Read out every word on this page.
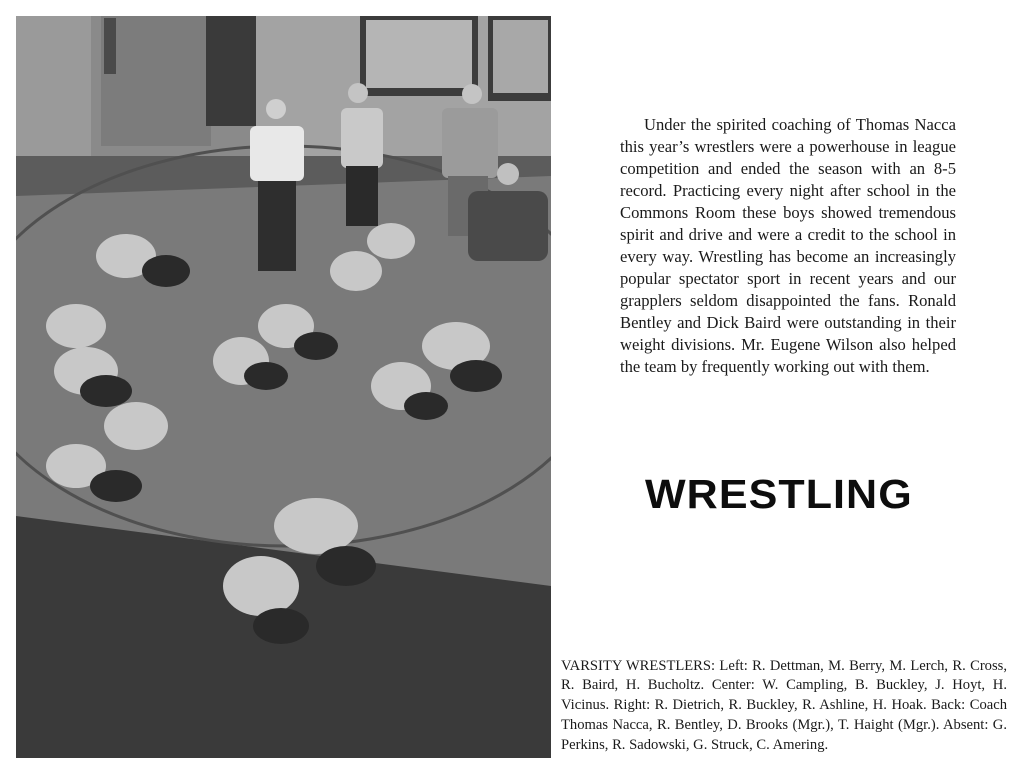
Under the spirited coaching of Thomas Nacca this year’s wrestlers were a powerhouse in league competition and ended the season with an 8-5 record. Practicing every night after school in the Commons Room these boys showed tremendous spirit and drive and were a credit to the school in every way. Wrestling has become an increasingly popular spectator sport in recent years and our grapplers seldom disappointed the fans. Ronald Bentley and Dick Baird were outstanding in their weight divisions. Mr. Eugene Wilson also helped the team by frequently working out with them.

WRESTLING

VARSITY WRESTLERS: Left: R. Dettman, M. Berry, M. Lerch, R. Cross, R. Baird, H. Bucholtz. Center: W. Campling, B. Buckley, J. Hoyt, H. Vicinus. Right: R. Dietrich, R. Buckley, R. Ashline, H. Hoak. Back: Coach Thomas Nacca, R. Bentley, D. Brooks (Mgr.), T. Haight (Mgr.). Absent: G. Perkins, R. Sadowski, G. Struck, C. Amering.
